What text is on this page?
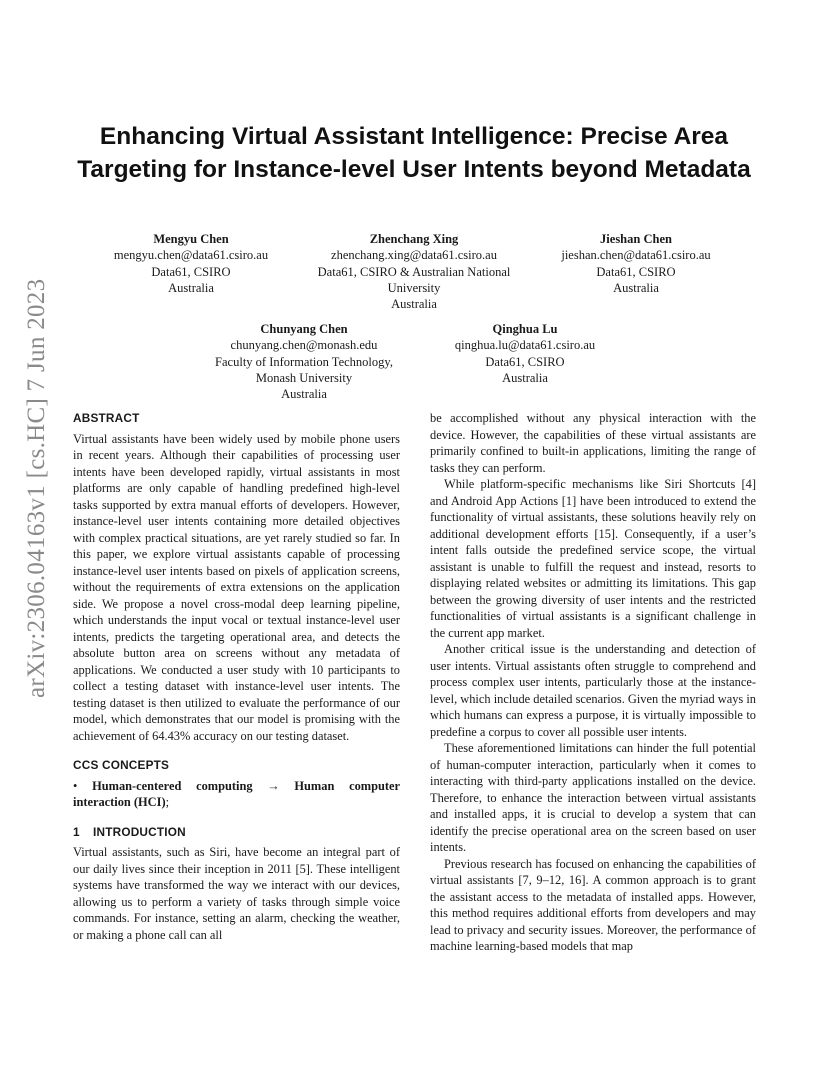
arXiv:2306.04163v1 [cs.HC] 7 Jun 2023
Enhancing Virtual Assistant Intelligence: Precise Area Targeting for Instance-level User Intents beyond Metadata
Mengyu Chen
mengyu.chen@data61.csiro.au
Data61, CSIRO
Australia
Zhenchang Xing
zhenchang.xing@data61.csiro.au
Data61, CSIRO & Australian National University
Australia
Jieshan Chen
jieshan.chen@data61.csiro.au
Data61, CSIRO
Australia
Chunyang Chen
chunyang.chen@monash.edu
Faculty of Information Technology, Monash University
Australia
Qinghua Lu
qinghua.lu@data61.csiro.au
Data61, CSIRO
Australia
ABSTRACT

Virtual assistants have been widely used by mobile phone users in recent years. Although their capabilities of processing user intents have been developed rapidly, virtual assistants in most platforms are only capable of handling predefined high-level tasks supported by extra manual efforts of developers. However, instance-level user intents containing more detailed objectives with complex practical situations, are yet rarely studied so far. In this paper, we explore virtual assistants capable of processing instance-level user intents based on pixels of application screens, without the requirements of extra extensions on the application side. We propose a novel cross-modal deep learning pipeline, which understands the input vocal or textual instance-level user intents, predicts the targeting operational area, and detects the absolute button area on screens without any metadata of applications. We conducted a user study with 10 participants to collect a testing dataset with instance-level user intents. The testing dataset is then utilized to evaluate the performance of our model, which demonstrates that our model is promising with the achievement of 64.43% accuracy on our testing dataset.

CCS CONCEPTS

• Human-centered computing → Human computer interaction (HCI);

1 INTRODUCTION

Virtual assistants, such as Siri, have become an integral part of our daily lives since their inception in 2011 [5]. These intelligent systems have transformed the way we interact with our devices, allowing us to perform a variety of tasks through simple voice commands. For instance, setting an alarm, checking the weather, or making a phone call can all

be accomplished without any physical interaction with the device. However, the capabilities of these virtual assistants are primarily confined to built-in applications, limiting the range of tasks they can perform.

While platform-specific mechanisms like Siri Shortcuts [4] and Android App Actions [1] have been introduced to extend the functionality of virtual assistants, these solutions heavily rely on additional development efforts [15]. Consequently, if a user’s intent falls outside the predefined service scope, the virtual assistant is unable to fulfill the request and instead, resorts to displaying related websites or admitting its limitations. This gap between the growing diversity of user intents and the restricted functionalities of virtual assistants is a significant challenge in the current app market.

Another critical issue is the understanding and detection of user intents. Virtual assistants often struggle to comprehend and process complex user intents, particularly those at the instance-level, which include detailed scenarios. Given the myriad ways in which humans can express a purpose, it is virtually impossible to predefine a corpus to cover all possible user intents.

These aforementioned limitations can hinder the full potential of human-computer interaction, particularly when it comes to interacting with third-party applications installed on the device. Therefore, to enhance the interaction between virtual assistants and installed apps, it is crucial to develop a system that can identify the precise operational area on the screen based on user intents.

Previous research has focused on enhancing the capabilities of virtual assistants [7, 9–12, 16]. A common approach is to grant the assistant access to the metadata of installed apps. However, this method requires additional efforts from developers and may lead to privacy and security issues. Moreover, the performance of machine learning-based models that map
